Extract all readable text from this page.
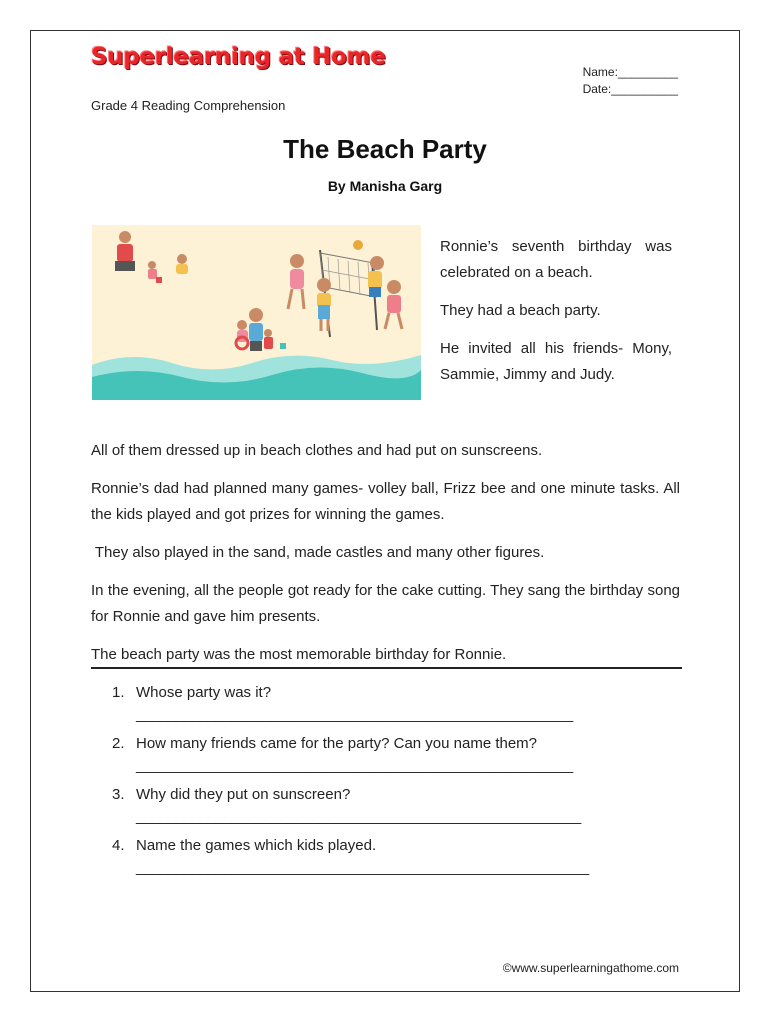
Superlearning at Home
Name:_________
Date:__________
Grade 4 Reading Comprehension
The Beach Party
By Manisha Garg

Ronnie’s seventh birthday was celebrated on a beach.

They had a beach party.

He invited all his friends- Mony, Sammie, Jimmy and Judy.

All of them dressed up in beach clothes and had put on sunscreens.

Ronnie’s dad had planned many games- volley ball, Frizz bee and one minute tasks. All the kids played and got prizes for winning the games.

They also played in the sand, made castles and many other figures.

In the evening, all the people got ready for the cake cutting. They sang the birthday song for Ronnie and gave him presents.

The beach party was the most memorable birthday for Ronnie.

1. Whose party was it?
_______________________________________________________
2. How many friends came for the party? Can you name them?
_______________________________________________________
3. Why did they put on sunscreen?
________________________________________________________
4. Name the games which kids played.
_________________________________________________________
©www.superlearningathome.com
